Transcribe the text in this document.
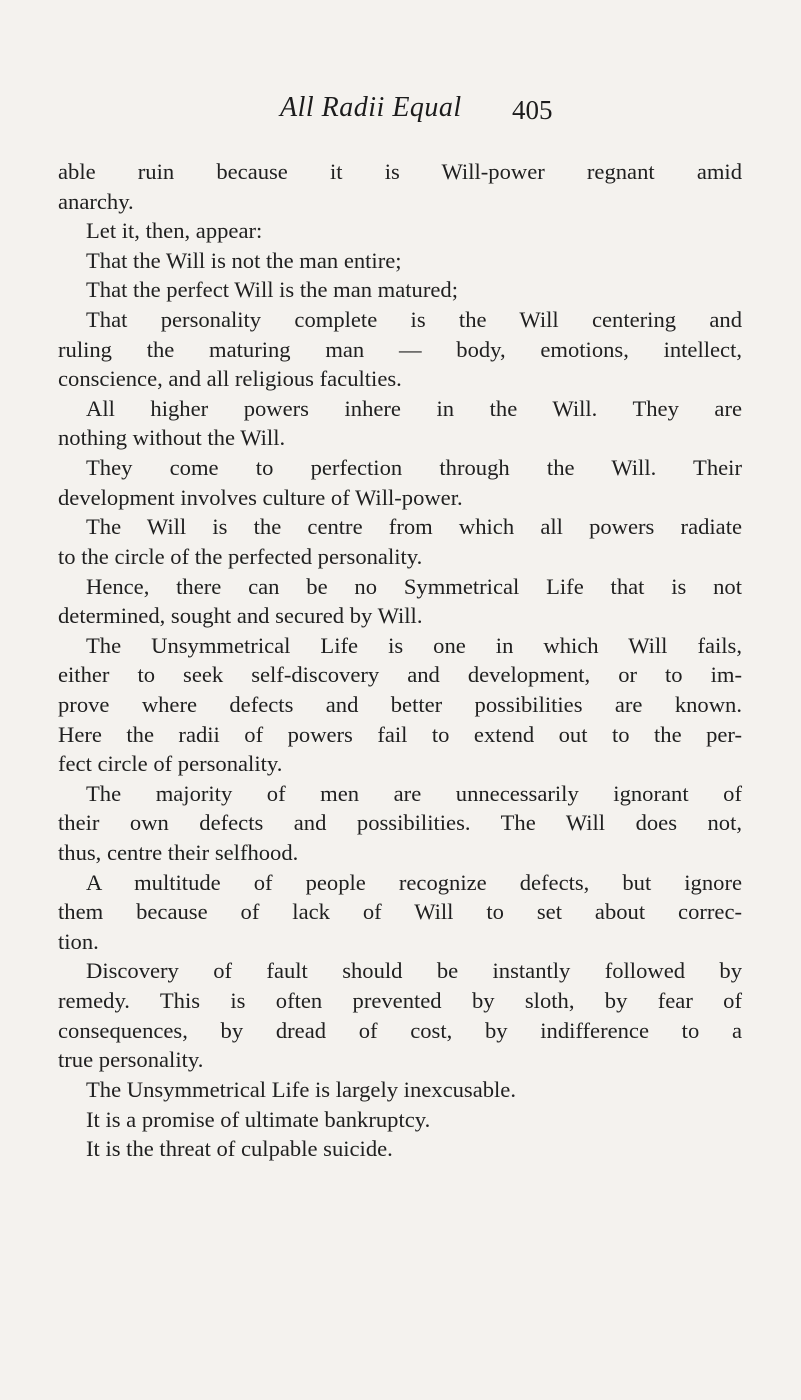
All Radii Equal 405
able ruin because it is Will-power regnant amid
anarchy.
Let it, then, appear:
That the Will is not the man entire;
That the perfect Will is the man matured;
That personality complete is the Will centering and
ruling the maturing man — body, emotions, intellect,
conscience, and all religious faculties.
All higher powers inhere in the Will. They are
nothing without the Will.
They come to perfection through the Will. Their
development involves culture of Will-power.
The Will is the centre from which all powers radiate
to the circle of the perfected personality.
Hence, there can be no Symmetrical Life that is not
determined, sought and secured by Will.
The Unsymmetrical Life is one in which Will fails,
either to seek self-discovery and development, or to im-
prove where defects and better possibilities are known.
Here the radii of powers fail to extend out to the per-
fect circle of personality.
The majority of men are unnecessarily ignorant of
their own defects and possibilities. The Will does not,
thus, centre their selfhood.
A multitude of people recognize defects, but ignore
them because of lack of Will to set about correc-
tion.
Discovery of fault should be instantly followed by
remedy. This is often prevented by sloth, by fear of
consequences, by dread of cost, by indifference to a
true personality.
The Unsymmetrical Life is largely inexcusable.
It is a promise of ultimate bankruptcy.
It is the threat of culpable suicide.
